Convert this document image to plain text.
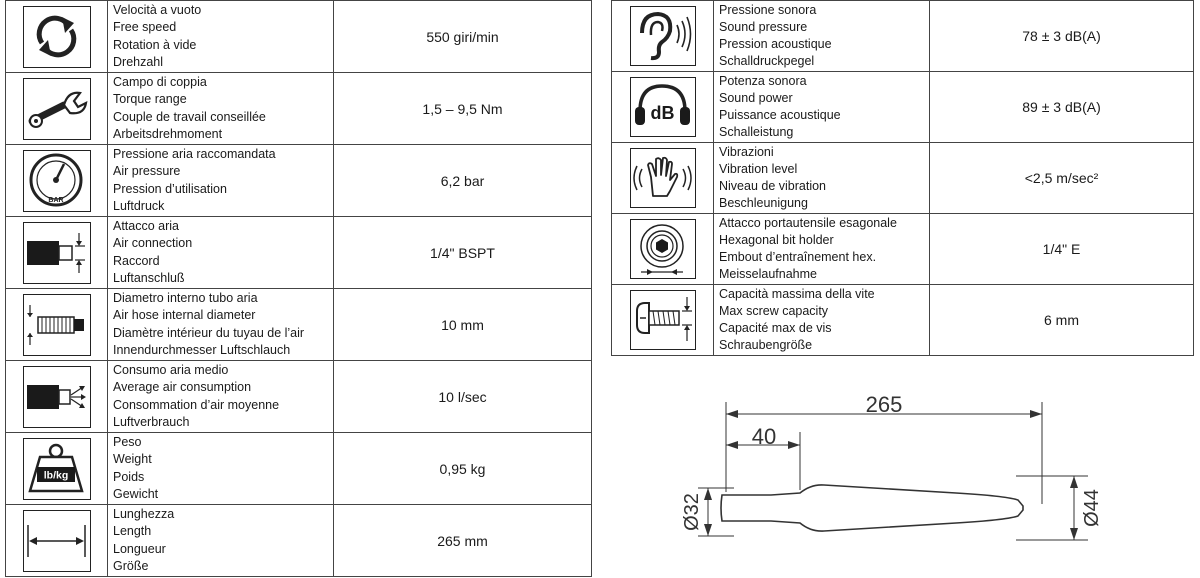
Velocità a vuoto
Free speed
Rotation à vide
Drehzahl	550 giri/min

Campo di coppia
Torque range
Couple de travail conseillée
Arbeitsdrehmoment	1,5 – 9,5 Nm

BAR	Pressione aria raccomandata
Air pressure
Pression d’utilisation
Luftdruck	6,2 bar

Attacco aria
Air connection
Raccord
Luftanschluß	1/4" BSPT

Diametro interno tubo aria
Air hose internal diameter
Diamètre intérieur du tuyau de l’air
Innendurchmesser Luftschlauch	10 mm

Consumo aria medio
Average air consumption
Consommation d’air moyenne
Luftverbrauch	10 l/sec

lb/kg	Peso
Weight
Poids
Gewicht	0,95 kg

Lunghezza
Length
Longueur
Größe	265 mm

Pressione sonora
Sound pressure
Pression acoustique
Schalldruckpegel	78 ± 3 dB(A)

dB	Potenza sonora
Sound power
Puissance acoustique
Schalleistung	89 ± 3 dB(A)

Vibrazioni
Vibration level
Niveau de vibration
Beschleunigung	<2,5 m/sec²

Attacco portautensile esagonale
Hexagonal bit holder
Embout d’entraînement hex.
Meisselaufnahme	1/4" E

Capacità massima della vite
Max screw capacity
Capacité max de vis
Schraubengröße	6 mm
265
40
Ø32	Ø44
